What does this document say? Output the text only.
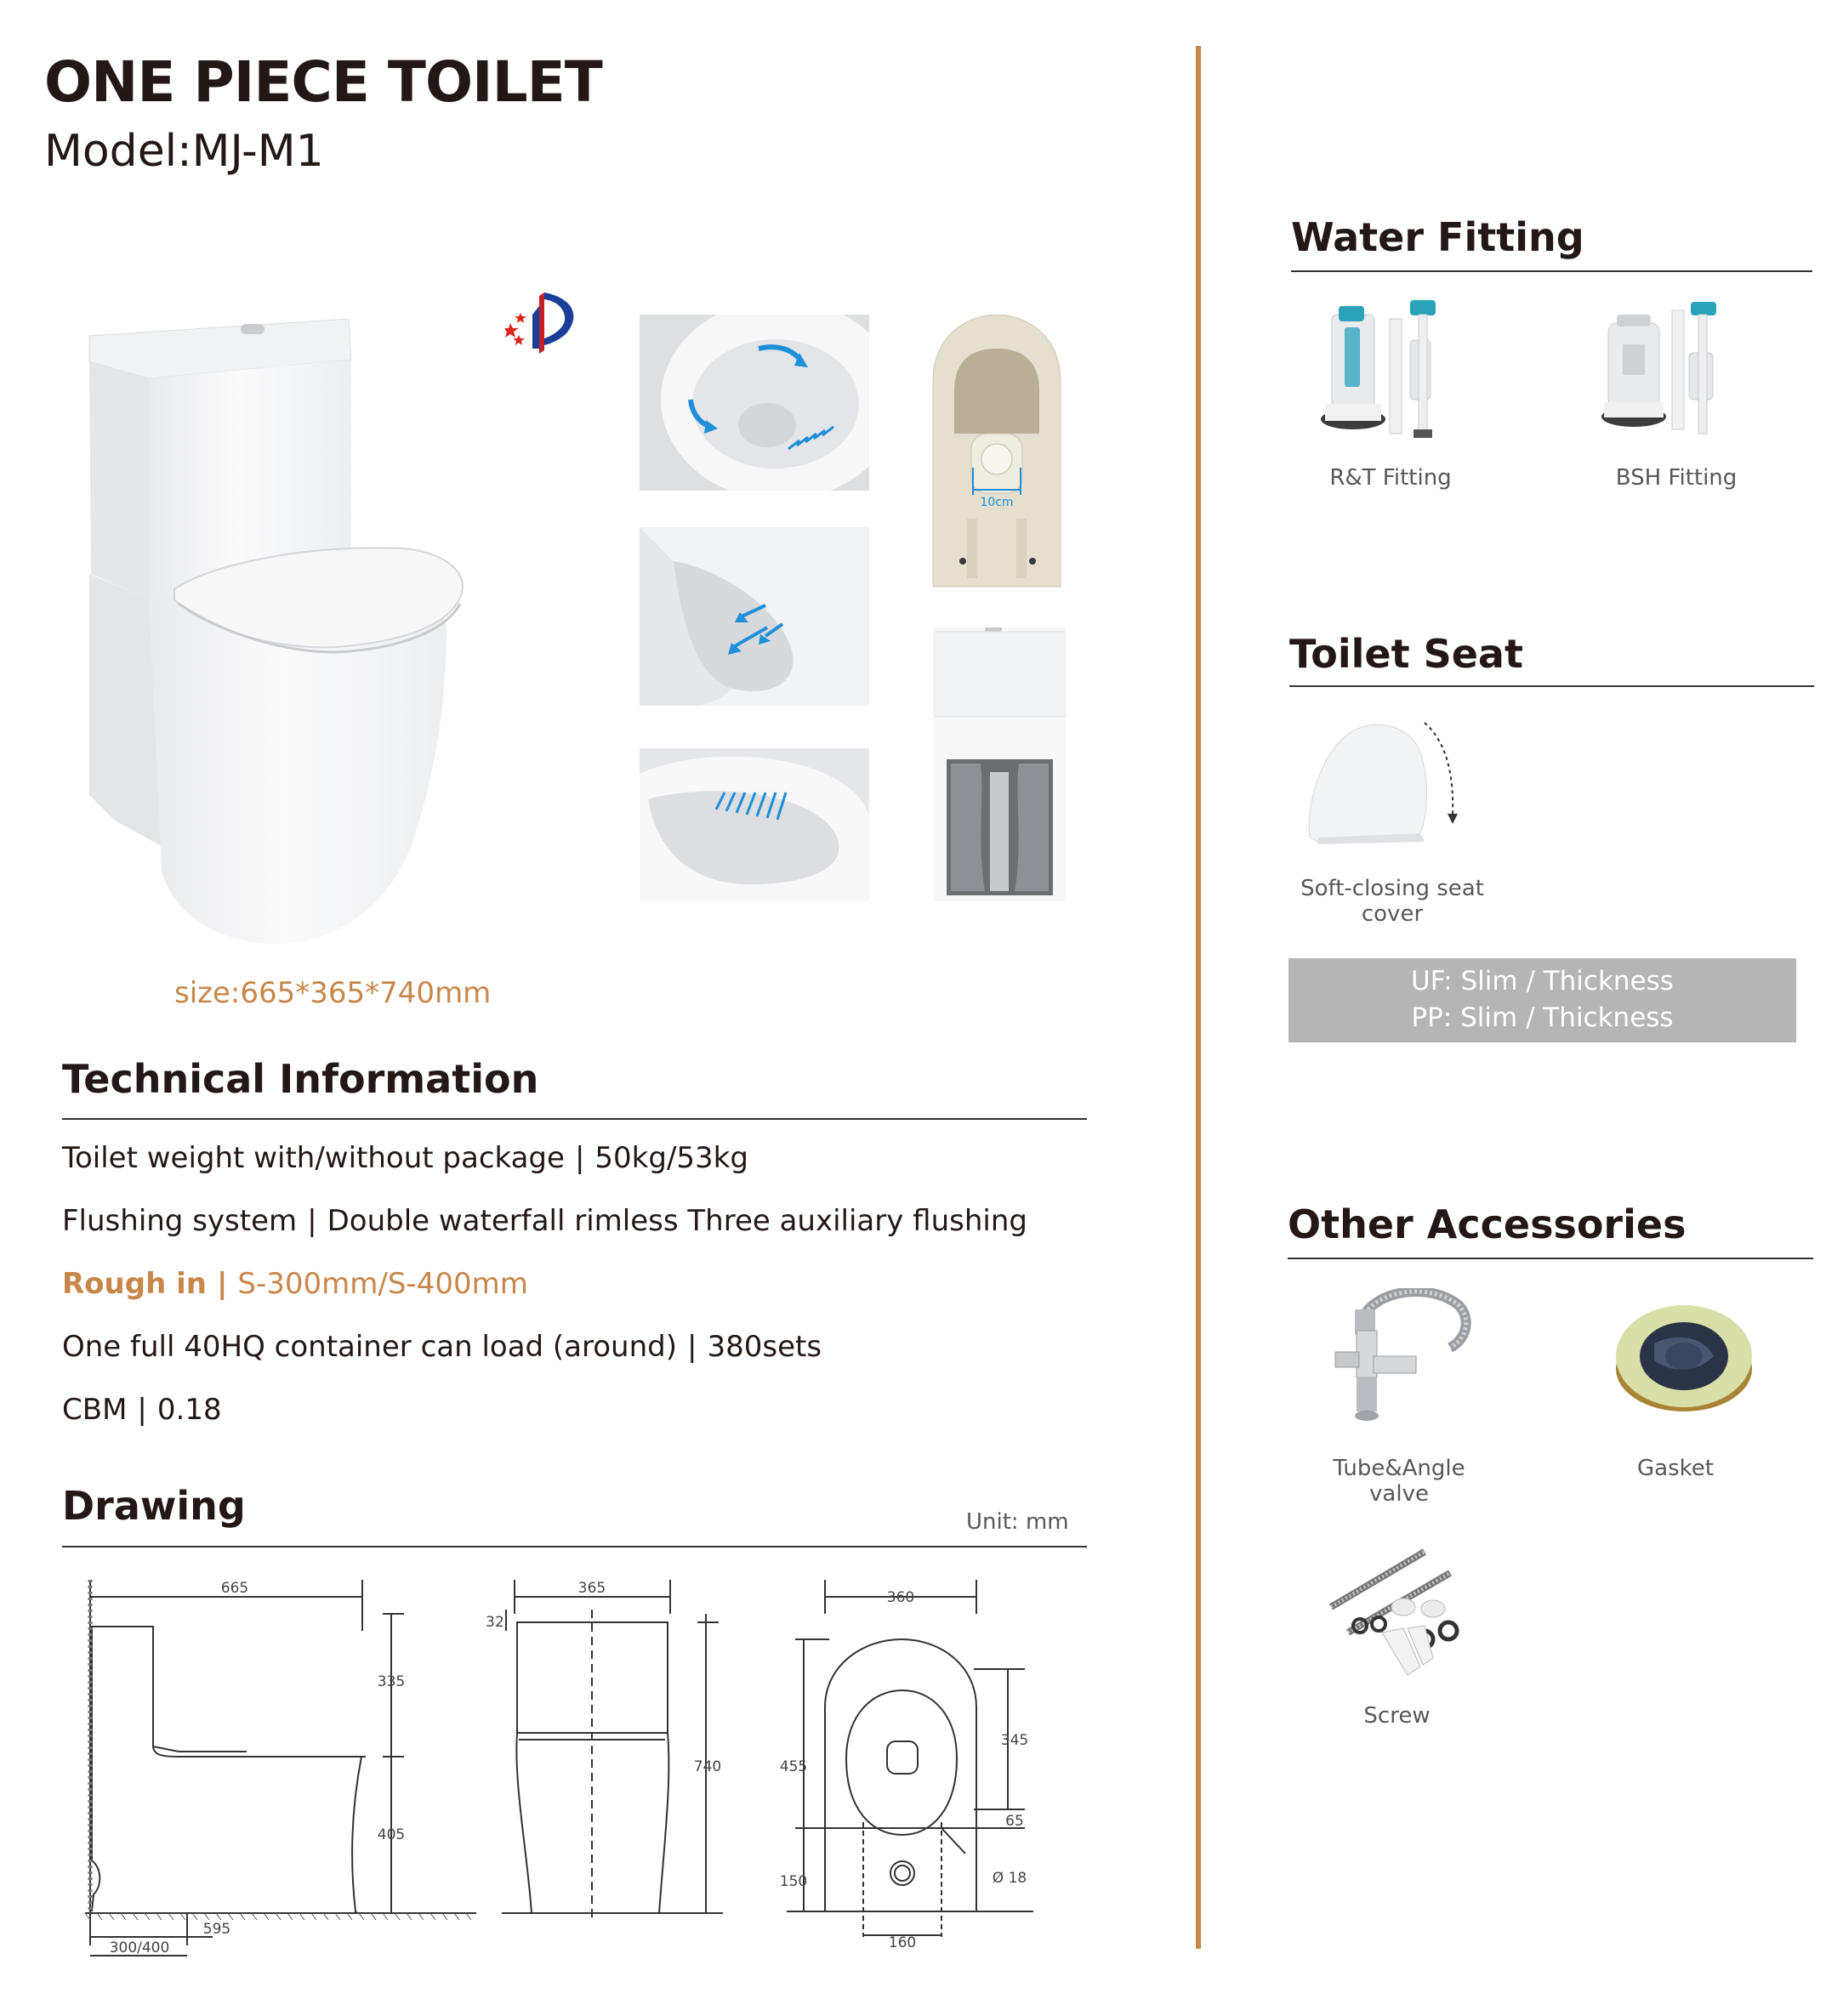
ONE PIECE TOILET
Model:MJ-M1
size:665*365*740mm
10cm
Technical Information
Toilet weight with/without package | 50kg/53kg
Flushing system | Double waterfall rimless Three auxiliary flushing
Rough in | S-300mm/S-400mm
One full 40HQ container can load (around) | 380sets
CBM | 0.18
Drawing	Unit: mm
665
335
405
595
300/400
365
32
740
360
455
345
65
150	Ø 18
160
Water Fitting
R&T Fitting	BSH Fitting
Toilet Seat
Soft-closing seat cover
UF: Slim / Thickness
PP: Slim / Thickness
Other Accessories
Tube&Angle valve
Gasket
Screw
